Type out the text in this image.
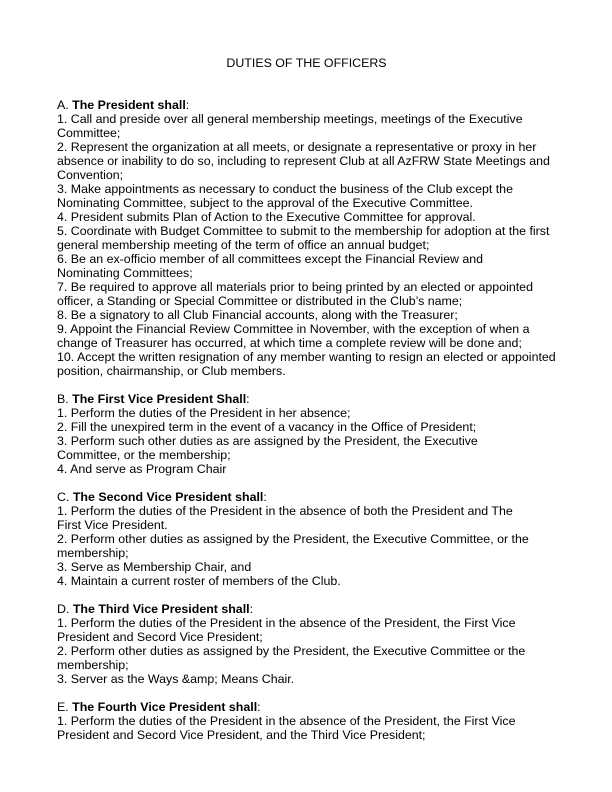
DUTIES OF THE OFFICERS

A. The President shall:

1. Call and preside over all general membership meetings, meetings of the Executive

Committee;

2. Represent the organization at all meets, or designate a representative or proxy in her

absence or inability to do so, including to represent Club at all AzFRW State Meetings and

Convention;

3. Make appointments as necessary to conduct the business of the Club except the

Nominating Committee, subject to the approval of the Executive Committee.

4. President submits Plan of Action to the Executive Committee for approval.

5. Coordinate with Budget Committee to submit to the membership for adoption at the first

general membership meeting of the term of office an annual budget;

6. Be an ex-officio member of all committees except the Financial Review and

Nominating Committees;

7. Be required to approve all materials prior to being printed by an elected or appointed

officer, a Standing or Special Committee or distributed in the Club’s name;

8. Be a signatory to all Club Financial accounts, along with the Treasurer;

9. Appoint the Financial Review Committee in November, with the exception of when a

change of Treasurer has occurred, at which time a complete review will be done and;

10. Accept the written resignation of any member wanting to resign an elected or appointed

position, chairmanship, or Club members.

B. The First Vice President Shall:

1. Perform the duties of the President in her absence;

2. Fill the unexpired term in the event of a vacancy in the Office of President;

3. Perform such other duties as are assigned by the President, the Executive

Committee, or the membership;

4. And serve as Program Chair

C. The Second Vice President shall:

1. Perform the duties of the President in the absence of both the President and The

First Vice President.

2. Perform other duties as assigned by the President, the Executive Committee, or the

membership;

3. Serve as Membership Chair, and

4. Maintain a current roster of members of the Club.

D. The Third Vice President shall:

1. Perform the duties of the President in the absence of the President, the First Vice

President and Secord Vice President;

2. Perform other duties as assigned by the President, the Executive Committee or the

membership;

3. Server as the Ways &amp; Means Chair.

E. The Fourth Vice President shall:

1. Perform the duties of the President in the absence of the President, the First Vice

President and Secord Vice President, and the Third Vice President;
